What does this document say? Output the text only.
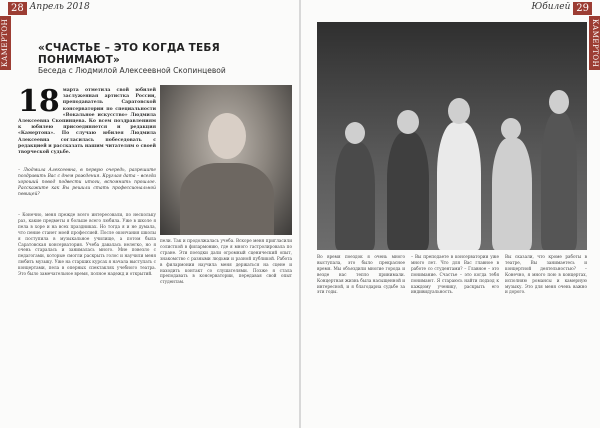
28 Апрель 2018
КАМЕРТОН	«СЧАСТЬЕ – ЭТО КОГДА ТЕБЯ ПОНИМАЮТ»
Беседа с Людмилой Алексеевной Скопинцевой
18 марта отметила свой юбилей заслуженная артистка России, преподаватель Саратовской консерватории по специальности «Вокальное искусство» Людмила Алексеевна Скопинцева. Ко всем поздравлениям к юбилею присоединяется и редакция «Камертона». По случаю юбилея Людмила Алексеевна согласилась побеседовать с редакцией и рассказать нашим читателям о своей творческой судьбе.
– Людмила Алексеевна, в первую очередь, разрешите поздравить Вас с днем рождения. Круглая дата – всегда хороший повод подвести итоги, вспомнить прошлое. Расскажите как Вы решили стать профессиональной певицей?
– Конечно, меня прежде всего интересовали, по нескольку раз, какие предметы я больше всего любила. Уже в школе я пела в хоре и на всех праздниках. Но тогда я и не думала, что пение станет моей профессией. После окончания школы я поступила в музыкальное училище, а потом была Саратовская консерватория. Учеба давалась нелегко, но я очень старалась и занималась много. Мне повезло с педагогами, которые смогли раскрыть голос и научили меня любить музыку. Уже на старших курсах я начала выступать с концертами, пела в оперных спектаклях учебного театра. Это было замечательное время, полное надежд и открытий.
пели. Так и продолжалась учеба. Вскоре меня пригласили солисткой в филармонию, где я много гастролировала по стране. Эти поездки дали огромный сценический опыт, знакомство с разными людьми и разной публикой. Работа в филармонии научила меня держаться на сцене и находить контакт со слушателями. Позже я стала преподавать в консерватории, передавая свой опыт студентам.
Юбилей 29
КАМЕРТОН
Во время поездок я очень много выступала, это было прекрасное время. Мы объездили многие города и везде нас тепло принимали. Концертная жизнь была насыщенной и интересной, и я благодарна судьбе за эти годы.
– Вы преподаете в консерватории уже много лет. Что для Вас главное в работе со студентами? – Главное – это понимание. Счастье – это когда тебя понимают. Я стараюсь найти подход к каждому ученику, раскрыть его индивидуальность.
Вы сказали, что кроме работы в театре, Вы занимаетесь и концертной деятельностью? – Конечно, я много пою в концертах, исполняю романсы и камерную музыку. Это для меня очень важно и дорого.
